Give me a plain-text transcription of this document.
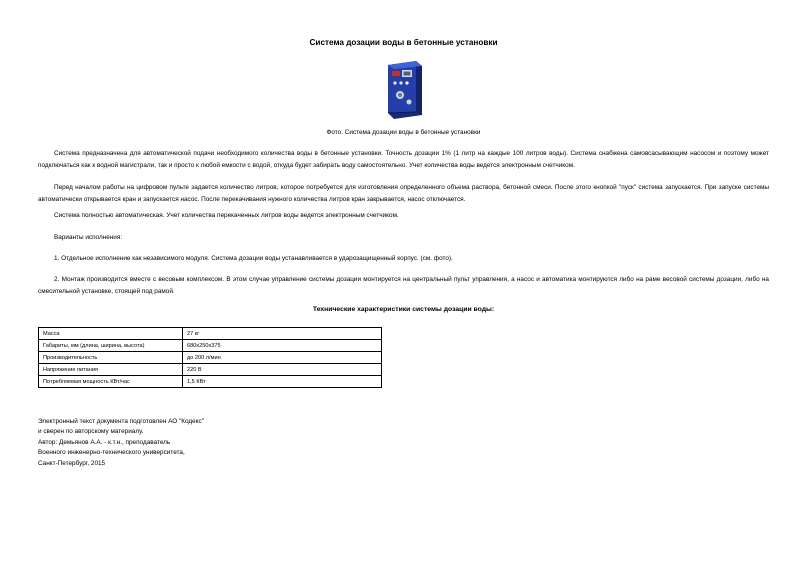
Система дозации воды в бетонные установки
Фото. Система дозации воды в бетонные установки

Система предназначена для автоматической подачи необходимого количества воды в бетонные установки. Точность дозации 1% (1 литр на каждые 100 литров воды). Система снабжена самовсасывающим насосом и поэтому может подключаться как к водной магистрали, так и просто к любой емкости с водой, откуда будет забирать воду самостоятельно. Учет количества воды ведется электронным счетчиком.

Перед началом работы на цифровом пульте задается количество литров, которое потребуется для изготовления определенного объема раствора, бетонной смеси. После этого кнопкой "пуск" система запускается. При запуске системы автоматически открывается кран и запускается насос. После перекачивания нужного количества литров кран закрывается, насос отключается.

Система полностью автоматическая. Учет количества перекаченных литров воды ведется электронным счетчиком.

Варианты исполнения:

1. Отдельное исполнение как независимого модуля. Система дозации воды устанавливается в ударозащищенный корпус. (см. фото).

2. Монтаж производится вместе с весовым комплексом. В этом случае управление системы дозации монтируется на центральный пульт управления, а насос и автоматика монтируются либо на раме весовой системы дозации, либо на смесительной установке, стоящей под рамой.

Технические характеристики системы дозации воды:
Масса	27 кг
Габариты, мм (длина, ширина, высота)	680х250х375
Производительность	до 200 л/мин
Напряжение питания	220 В
Потребляемая мощность КВт/час	1,5 КВт
Электронный текст документа подготовлен АО "Кодекс"
и сверен по авторскому материалу.
Автор: Демьянов А.А. - к.т.н., преподаватель
Военного инженерно-технического университета,
Санкт-Петербург, 2015
